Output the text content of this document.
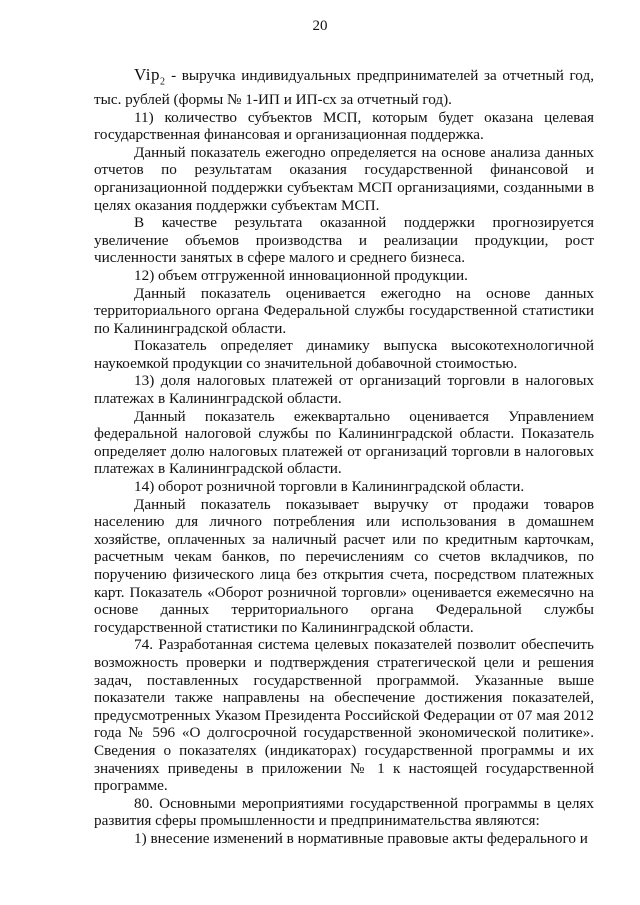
20

Vip$_2$ - выручка индивидуальных предпринимателей за отчетный год, тыс. рублей (формы № 1-ИП и ИП-сх за отчетный год).

11) количество субъектов МСП, которым будет оказана целевая государственная финансовая и организационная поддержка.

Данный показатель ежегодно определяется на основе анализа данных отчетов по результатам оказания государственной финансовой и организационной поддержки субъектам МСП организациями, созданными в целях оказания поддержки субъектам МСП.

В качестве результата оказанной поддержки прогнозируется увеличение объемов производства и реализации продукции, рост численности занятых в сфере малого и среднего бизнеса.

12) объем отгруженной инновационной продукции.

Данный показатель оценивается ежегодно на основе данных территориального органа Федеральной службы государственной статистики по Калининградской области.

Показатель определяет динамику выпуска высокотехнологичной наукоемкой продукции со значительной добавочной стоимостью.

13) доля налоговых платежей от организаций торговли в налоговых платежах в Калининградской области.

Данный показатель ежеквартально оценивается Управлением федеральной налоговой службы по Калининградской области. Показатель определяет долю налоговых платежей от организаций торговли в налоговых платежах в Калининградской области.

14) оборот розничной торговли в Калининградской области.

Данный показатель показывает выручку от продажи товаров населению для личного потребления или использования в домашнем хозяйстве, оплаченных за наличный расчет или по кредитным карточкам, расчетным чекам банков, по перечислениям со счетов вкладчиков, по поручению физического лица без открытия счета, посредством платежных карт. Показатель «Оборот розничной торговли» оценивается ежемесячно на основе данных территориального органа Федеральной службы государственной статистики по Калининградской области.

74. Разработанная система целевых показателей позволит обеспечить возможность проверки и подтверждения стратегической цели и решения задач, поставленных государственной программой. Указанные выше показатели также направлены на обеспечение достижения показателей, предусмотренных Указом Президента Российской Федерации от 07 мая 2012 года № 596 «О долгосрочной государственной экономической политике». Сведения о показателях (индикаторах) государственной программы и их значениях приведены в приложении № 1 к настоящей государственной программе.

80. Основными мероприятиями государственной программы в целях развития сферы промышленности и предпринимательства являются:

1) внесение изменений в нормативные правовые акты федерального и
